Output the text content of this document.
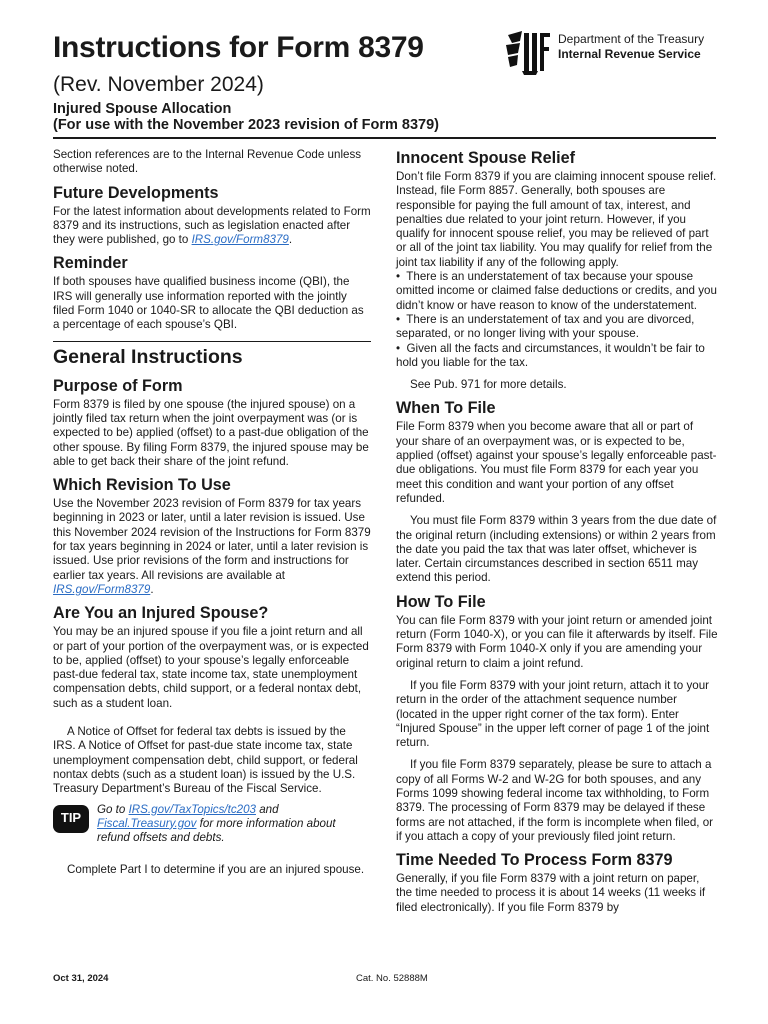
Instructions for Form 8379
(Rev. November 2024)
Injured Spouse Allocation
(For use with the November 2023 revision of Form 8379)
Department of the Treasury
Internal Revenue Service

Section references are to the Internal Revenue Code unless otherwise noted.

Future Developments

For the latest information about developments related to Form 8379 and its instructions, such as legislation enacted after they were published, go to IRS.gov/Form8379.

Reminder

If both spouses have qualified business income (QBI), the IRS will generally use information reported with the jointly filed Form 1040 or 1040-SR to allocate the QBI deduction as a percentage of each spouse’s QBI.

General Instructions
Purpose of Form

Form 8379 is filed by one spouse (the injured spouse) on a jointly filed tax return when the joint overpayment was (or is expected to be) applied (offset) to a past-due obligation of the other spouse. By filing Form 8379, the injured spouse may be able to get back their share of the joint refund.

Which Revision To Use

Use the November 2023 revision of Form 8379 for tax years beginning in 2023 or later, until a later revision is issued. Use this November 2024 revision of the Instructions for Form 8379 for tax years beginning in 2024 or later, until a later revision is issued. Use prior revisions of the form and instructions for earlier tax years. All revisions are available at IRS.gov/Form8379.

Are You an Injured Spouse?

You may be an injured spouse if you file a joint return and all or part of your portion of the overpayment was, or is expected to be, applied (offset) to your spouse’s legally enforceable past-due federal tax, state income tax, state unemployment compensation debts, child support, or a federal nontax debt, such as a student loan.

A Notice of Offset for federal tax debts is issued by the IRS. A Notice of Offset for past-due state income tax, state unemployment compensation debt, child support, or federal nontax debts (such as a student loan) is issued by the U.S. Treasury Department’s Bureau of the Fiscal Service.

TIP
Go to IRS.gov/TaxTopics/tc203 and Fiscal.Treasury.gov for more information about refund offsets and debts.

Complete Part I to determine if you are an injured spouse.

Innocent Spouse Relief

Don’t file Form 8379 if you are claiming innocent spouse relief. Instead, file Form 8857. Generally, both spouses are responsible for paying the full amount of tax, interest, and penalties due related to your joint return. However, if you qualify for innocent spouse relief, you may be relieved of part or all of the joint tax liability. You may qualify for relief from the joint tax liability if any of the following apply.

•  There is an understatement of tax because your spouse omitted income or claimed false deductions or credits, and you didn’t know or have reason to know of the understatement.

•  There is an understatement of tax and you are divorced, separated, or no longer living with your spouse.

•  Given all the facts and circumstances, it wouldn’t be fair to hold you liable for the tax.

See Pub. 971 for more details.

When To File

File Form 8379 when you become aware that all or part of your share of an overpayment was, or is expected to be, applied (offset) against your spouse’s legally enforceable past-due obligations. You must file Form 8379 for each year you meet this condition and want your portion of any offset refunded.

You must file Form 8379 within 3 years from the due date of the original return (including extensions) or within 2 years from the date you paid the tax that was later offset, whichever is later. Certain circumstances described in section 6511 may extend this period.

How To File

You can file Form 8379 with your joint return or amended joint return (Form 1040-X), or you can file it afterwards by itself. File Form 8379 with Form 1040-X only if you are amending your original return to claim a joint refund.

If you file Form 8379 with your joint return, attach it to your return in the order of the attachment sequence number (located in the upper right corner of the tax form). Enter “Injured Spouse” in the upper left corner of page 1 of the joint return.

If you file Form 8379 separately, please be sure to attach a copy of all Forms W-2 and W-2G for both spouses, and any Forms 1099 showing federal income tax withholding, to Form 8379. The processing of Form 8379 may be delayed if these forms are not attached, if the form is incomplete when filed, or if you attach a copy of your previously filed joint return.

Time Needed To Process Form 8379

Generally, if you file Form 8379 with a joint return on paper, the time needed to process it is about 14 weeks (11 weeks if filed electronically). If you file Form 8379 by

Oct 31, 2024	Cat. No. 52888M
